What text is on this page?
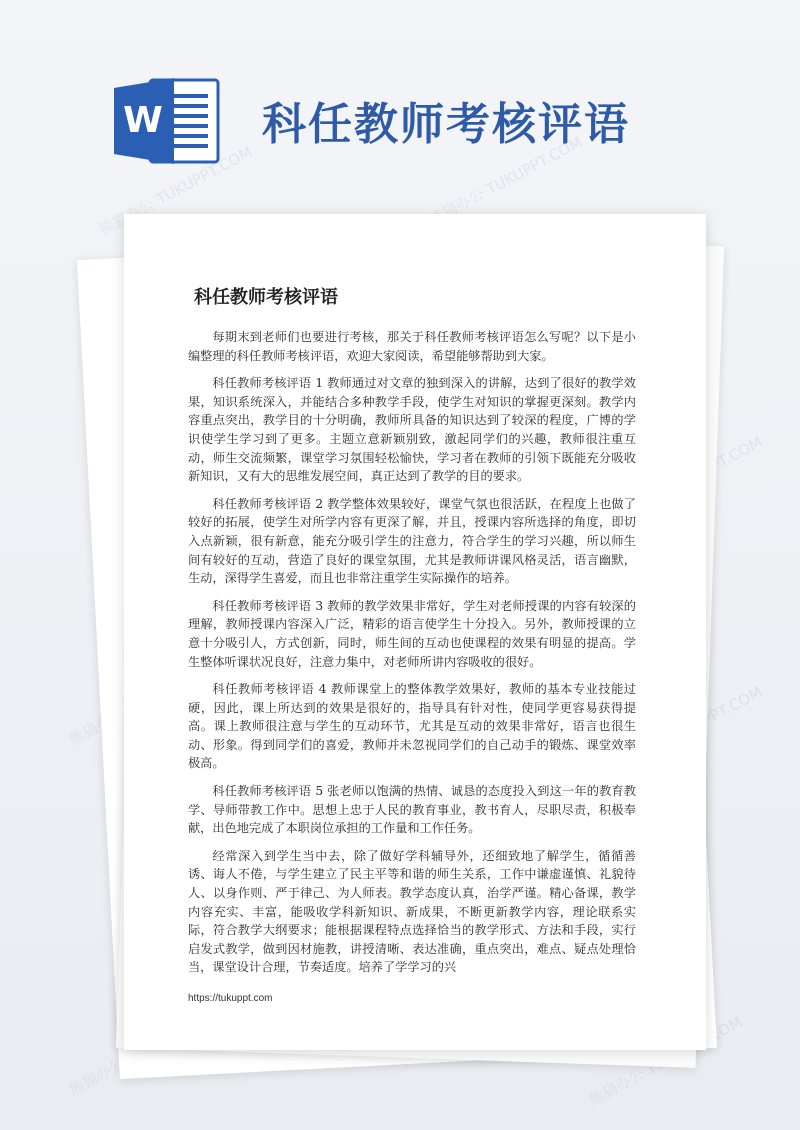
W 科任教师考核评语
科任教师考核评语

每期末到老师们也要进行考核，那关于科任教师考核评语怎么写呢？以下是小编整理的科任教师考核评语，欢迎大家阅读，希望能够帮助到大家。

科任教师考核评语 1 教师通过对文章的独到深入的讲解，达到了很好的教学效果，知识系统深入，并能结合多种教学手段，使学生对知识的掌握更深刻。教学内容重点突出，教学目的十分明确，教师所具备的知识达到了较深的程度，广博的学识使学生学习到了更多。主题立意新颖别致，激起同学们的兴趣，教师很注重互动，师生交流频繁，课堂学习氛围轻松愉快，学习者在教师的引领下既能充分吸收新知识，又有大的思维发展空间，真正达到了教学的目的要求。

科任教师考核评语 2 教学整体效果较好，课堂气氛也很活跃，在程度上也做了较好的拓展，使学生对所学内容有更深了解，并且，授课内容所选择的角度，即切入点新颖，很有新意，能充分吸引学生的注意力，符合学生的学习兴趣，所以师生间有较好的互动，营造了良好的课堂氛围，尤其是教师讲课风格灵活，语言幽默，生动，深得学生喜爱，而且也非常注重学生实际操作的培养。

科任教师考核评语 3 教师的教学效果非常好，学生对老师授课的内容有较深的理解，教师授课内容深入广泛，精彩的语言使学生十分投入。另外，教师授课的立意十分吸引人，方式创新，同时，师生间的互动也使课程的效果有明显的提高。学生整体听课状况良好，注意力集中，对老师所讲内容吸收的很好。

科任教师考核评语 4 教师课堂上的整体教学效果好，教师的基本专业技能过硬，因此，课上所达到的效果是很好的，指导具有针对性，使同学更容易获得提高。课上教师很注意与学生的互动环节，尤其是互动的效果非常好，语言也很生动、形象。得到同学们的喜爱，教师并未忽视同学们的自己动手的锻炼、课堂效率极高。

科任教师考核评语 5 张老师以饱满的热情、诚恳的态度投入到这一年的教育教学、导师带教工作中。思想上忠于人民的教育事业，教书育人，尽职尽责，积极奉献，出色地完成了本职岗位承担的工作量和工作任务。

经常深入到学生当中去，除了做好学科辅导外，还细致地了解学生，循循善诱、诲人不倦，与学生建立了民主平等和谐的师生关系，工作中谦虚谨慎、礼貌待人、以身作则、严于律己、为人师表。教学态度认真，治学严谨。精心备课，教学内容充实、丰富，能吸收学科新知识、新成果，不断更新教学内容，理论联系实际，符合教学大纲要求；能根据课程特点选择恰当的教学形式、方法和手段，实行启发式教学，做到因材施教，讲授清晰、表达准确，重点突出，难点、疑点处理恰当，课堂设计合理，节奏适度。培养了学学习的兴

https://tukuppt.com
